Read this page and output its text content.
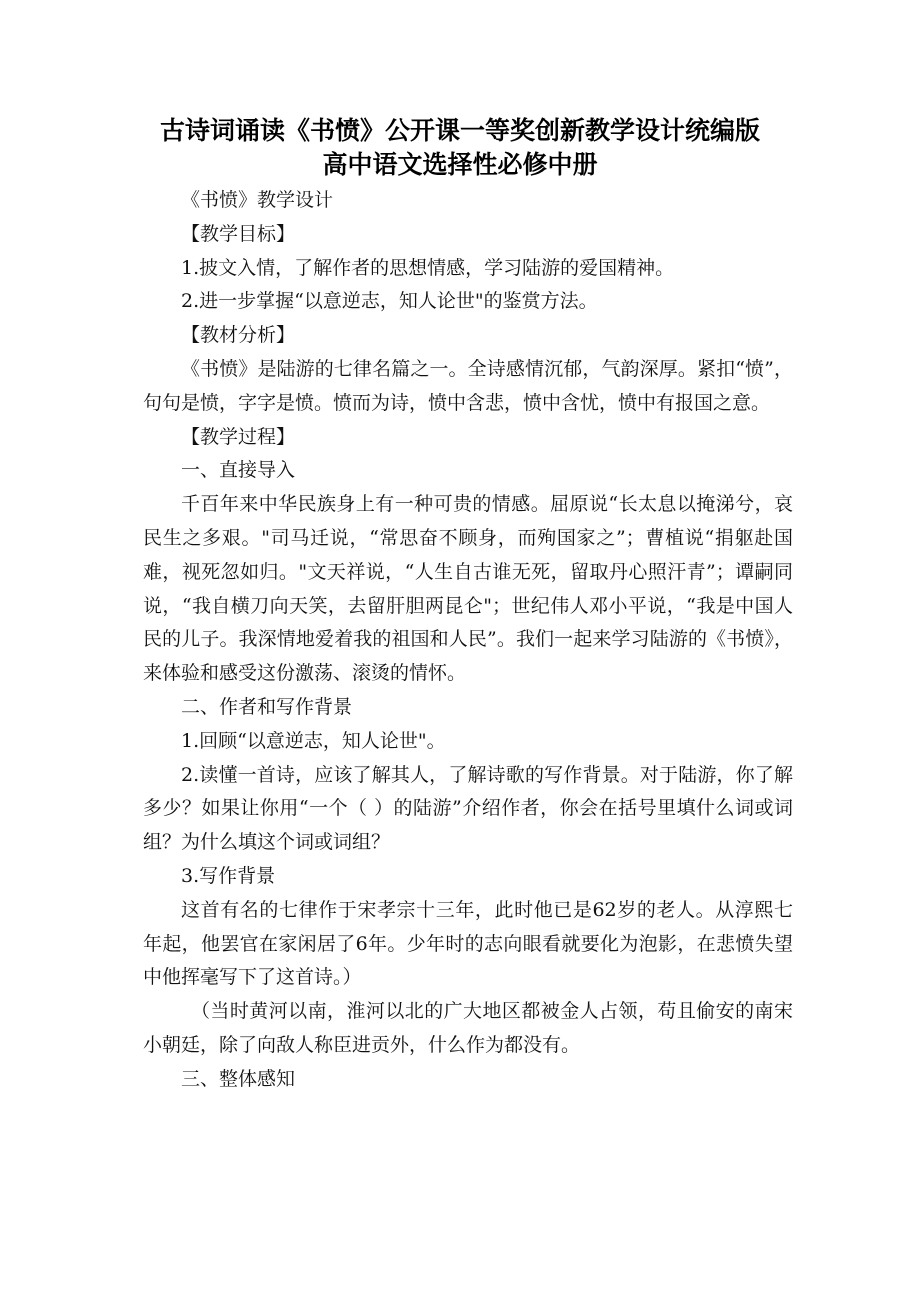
古诗词诵读《书愤》公开课一等奖创新教学设计统编版
高中语文选择性必修中册

《书愤》教学设计

【教学目标】

1.披文入情，了解作者的思想情感，学习陆游的爱国精神。

2.进一步掌握“以意逆志，知人论世"的鉴赏方法。

【教材分析】

《书愤》是陆游的七律名篇之一。全诗感情沉郁，气韵深厚。紧扣“愤”，句句是愤，字字是愤。愤而为诗，愤中含悲，愤中含忧，愤中有报国之意。

【教学过程】

一、直接导入

千百年来中华民族身上有一种可贵的情感。屈原说“长太息以掩涕兮，哀民生之多艰。"司马迁说，“常思奋不顾身，而殉国家之”；曹植说“捐躯赴国难，视死忽如归。"文天祥说，“人生自古谁无死，留取丹心照汗青”；谭嗣同说，“我自横刀向天笑，去留肝胆两昆仑"；世纪伟人邓小平说，“我是中国人民的儿子。我深情地爱着我的祖国和人民”。我们一起来学习陆游的《书愤》，来体验和感受这份激荡、滚烫的情怀。

二、作者和写作背景

1.回顾“以意逆志，知人论世"。

2.读懂一首诗，应该了解其人，了解诗歌的写作背景。对于陆游，你了解多少？如果让你用“一个（ ）的陆游”介绍作者，你会在括号里填什么词或词组？为什么填这个词或词组？

3.写作背景

这首有名的七律作于宋孝宗十三年，此时他已是62岁的老人。从淳熙七年起，他罢官在家闲居了6年。少年时的志向眼看就要化为泡影，在悲愤失望中他挥毫写下了这首诗。）

（当时黄河以南，淮河以北的广大地区都被金人占领，苟且偷安的南宋小朝廷，除了向敌人称臣进贡外，什么作为都没有。

三、整体感知
